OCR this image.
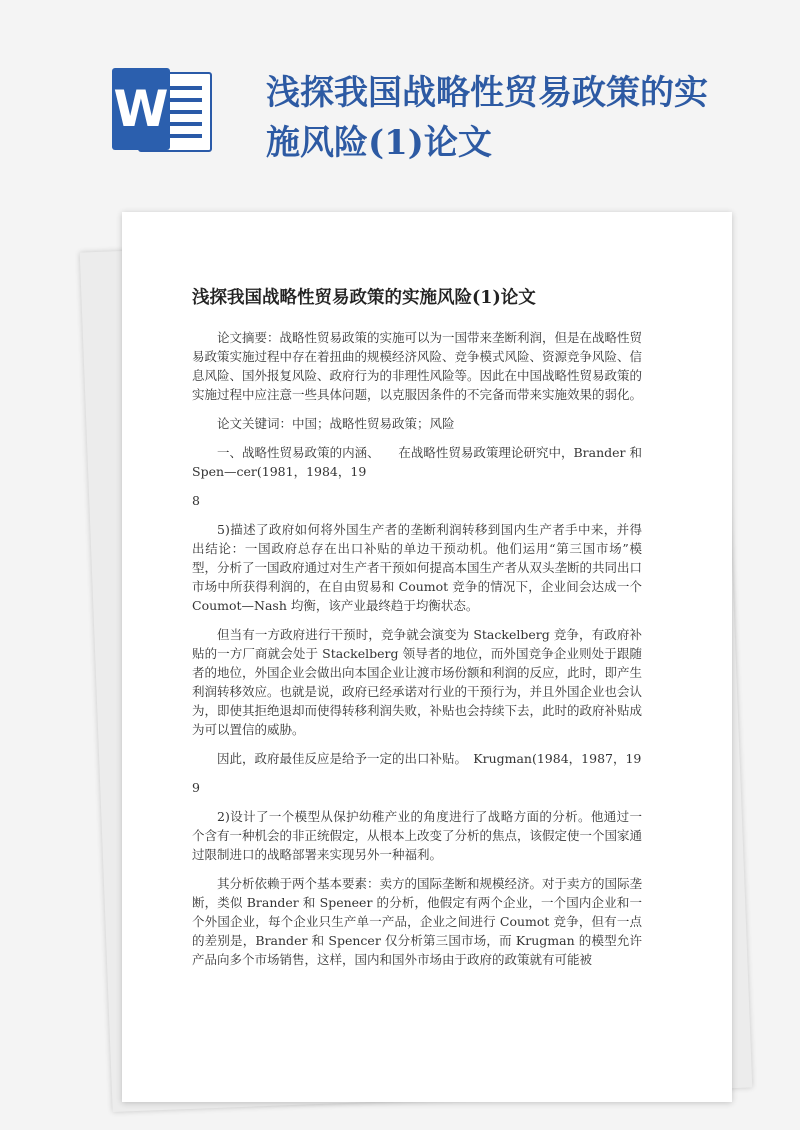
W	浅探我国战略性贸易政策的实
施风险(1)论文
浅探我国战略性贸易政策的实施风险(1)论文

论文摘要：战略性贸易政策的实施可以为一国带来垄断利润，但是在战略性贸易政策实施过程中存在着扭曲的规模经济风险、竞争模式风险、资源竞争风险、信息风险、国外报复风险、政府行为的非理性风险等。因此在中国战略性贸易政策的实施过程中应注意一些具体问题，以克服因条件的不完备而带来实施效果的弱化。

论文关键词：中国；战略性贸易政策；风险

一、战略性贸易政策的内涵、　　在战略性贸易政策理论研究中，Brander 和 Spen—cer(1981，1984，19

8

5)描述了政府如何将外国生产者的垄断利润转移到国内生产者手中来，并得出结论：一国政府总存在出口补贴的单边干预动机。他们运用“第三国市场”模型，分析了一国政府通过对生产者干预如何提高本国生产者从双头垄断的共同出口市场中所获得利润的，在自由贸易和 Coumot 竞争的情况下，企业间会达成一个 Coumot—Nash 均衡，该产业最终趋于均衡状态。

但当有一方政府进行干预时，竞争就会演变为 Stackelberg 竞争，有政府补贴的一方厂商就会处于 Stackelberg 领导者的地位，而外国竞争企业则处于跟随者的地位，外国企业会做出向本国企业让渡市场份额和利润的反应，此时，即产生利润转移效应。也就是说，政府已经承诺对行业的干预行为，并且外国企业也会认为，即使其拒绝退却而使得转移利润失败，补贴也会持续下去，此时的政府补贴成为可以置信的威胁。

因此，政府最佳反应是给予一定的出口补贴。　Krugman(1984，1987，19

9

2)设计了一个模型从保护幼稚产业的角度进行了战略方面的分析。他通过一个含有一种机会的非正统假定，从根本上改变了分析的焦点，该假定使一个国家通过限制进口的战略部署来实现另外一种福利。

其分析依赖于两个基本要素：卖方的国际垄断和规模经济。对于卖方的国际垄断，类似 Brander 和 Speneer 的分析，他假定有两个企业，一个国内企业和一个外国企业，每个企业只生产单一产品，企业之间进行 Coumot 竞争，但有一点的差别是，Brander 和 Spencer 仅分析第三国市场，而 Krugman 的模型允许产品向多个市场销售，这样，国内和国外市场由于政府的政策就有可能被
